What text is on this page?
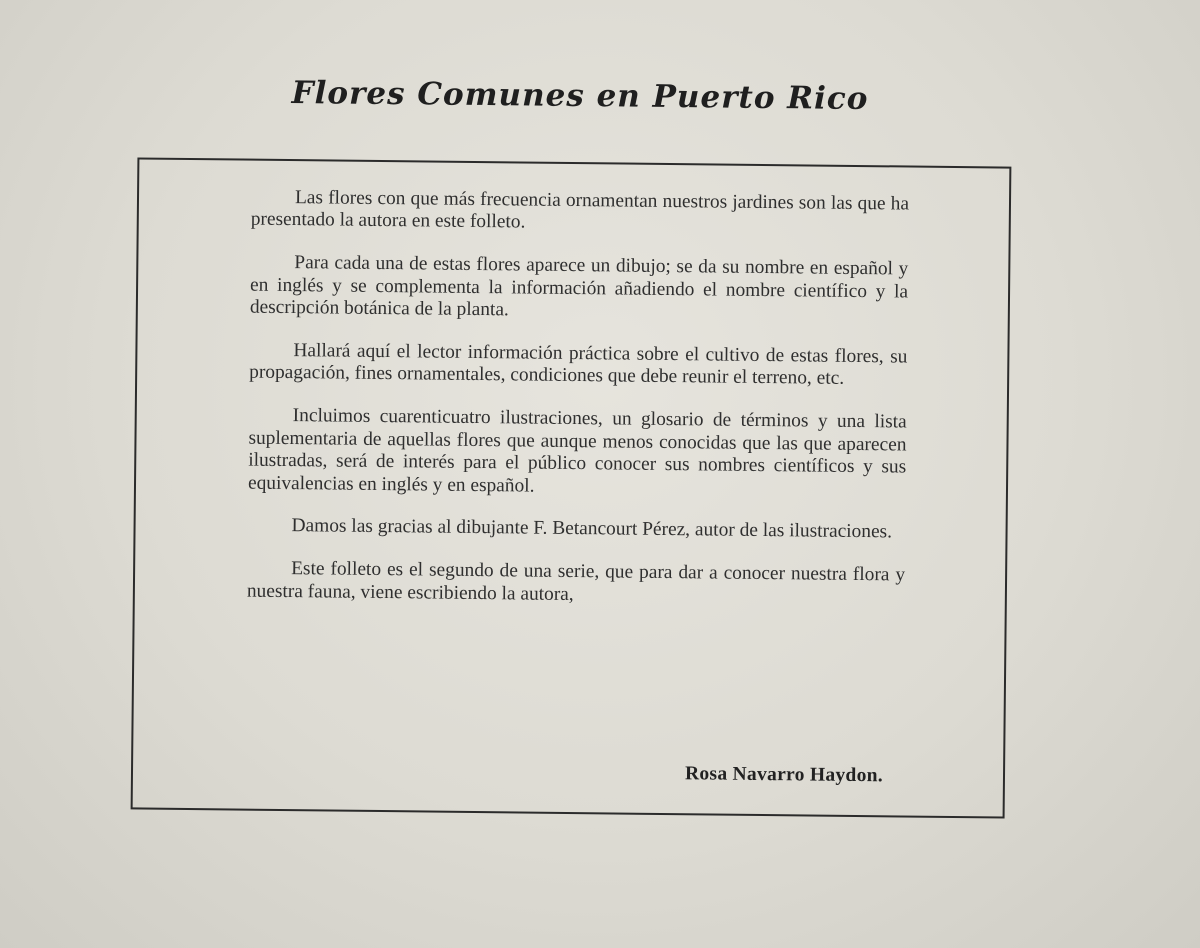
Flores Comunes en Puerto Rico

Las flores con que más frecuencia ornamentan nuestros jardines son las que ha presentado la autora en este folleto.

Para cada una de estas flores aparece un dibujo; se da su nombre en español y en inglés y se complementa la información añadiendo el nombre científico y la descripción botánica de la planta.

Hallará aquí el lector información práctica sobre el cultivo de estas flores, su propagación, fines ornamentales, condiciones que debe reunir el terreno, etc.

Incluimos cuarenticuatro ilustraciones, un glosario de términos y una lista suplementaria de aquellas flores que aunque menos conocidas que las que aparecen ilustradas, será de interés para el público conocer sus nombres científicos y sus equivalencias en inglés y en español.

Damos las gracias al dibujante F. Betancourt Pérez, autor de las ilustraciones.

Este folleto es el segundo de una serie, que para dar a conocer nuestra flora y nuestra fauna, viene escribiendo la autora,

Rosa Navarro Haydon.
